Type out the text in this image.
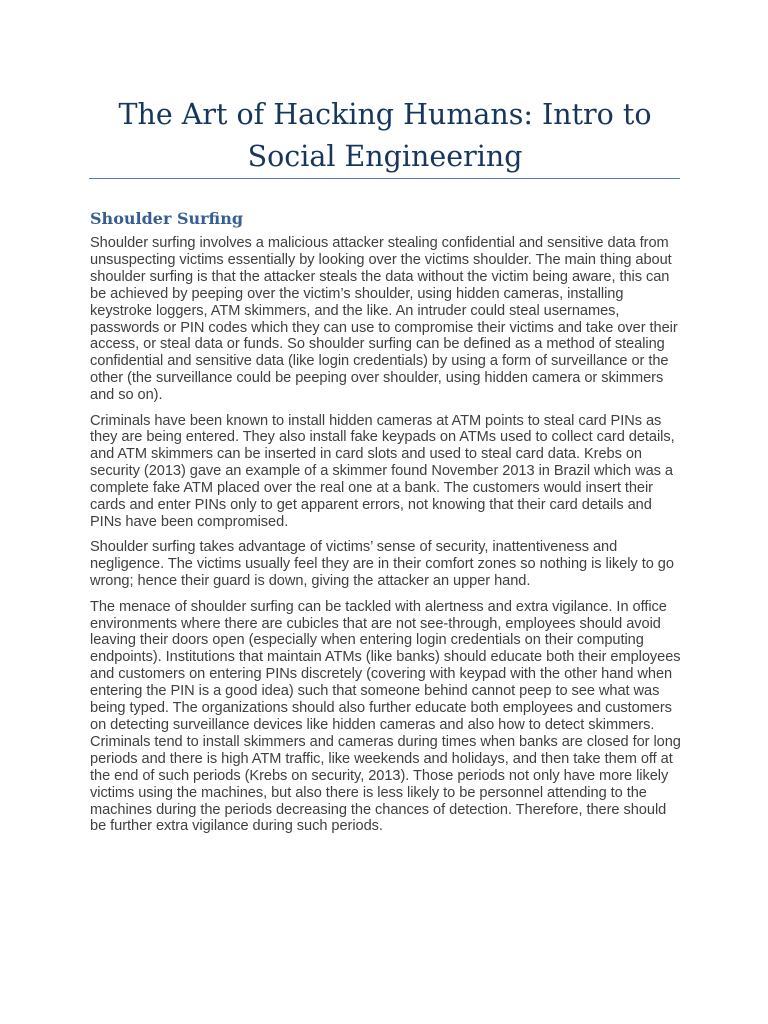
The Art of Hacking Humans: Intro to Social Engineering
Shoulder Surfing

Shoulder surfing involves a malicious attacker stealing confidential and sensitive data from unsuspecting victims essentially by looking over the victims shoulder. The main thing about shoulder surfing is that the attacker steals the data without the victim being aware, this can be achieved by peeping over the victim’s shoulder, using hidden cameras, installing keystroke loggers, ATM skimmers, and the like. An intruder could steal usernames, passwords or PIN codes which they can use to compromise their victims and take over their access, or steal data or funds. So shoulder surfing can be defined as a method of stealing confidential and sensitive data (like login credentials) by using a form of surveillance or the other (the surveillance could be peeping over shoulder, using hidden camera or skimmers and so on).

Criminals have been known to install hidden cameras at ATM points to steal card PINs as they are being entered. They also install fake keypads on ATMs used to collect card details, and ATM skimmers can be inserted in card slots and used to steal card data. Krebs on security (2013) gave an example of a skimmer found November 2013 in Brazil which was a complete fake ATM placed over the real one at a bank. The customers would insert their cards and enter PINs only to get apparent errors, not knowing that their card details and PINs have been compromised.

Shoulder surfing takes advantage of victims’ sense of security, inattentiveness and negligence. The victims usually feel they are in their comfort zones so nothing is likely to go wrong; hence their guard is down, giving the attacker an upper hand.

The menace of shoulder surfing can be tackled with alertness and extra vigilance. In office environments where there are cubicles that are not see-through, employees should avoid leaving their doors open (especially when entering login credentials on their computing endpoints). Institutions that maintain ATMs (like banks) should educate both their employees and customers on entering PINs discretely (covering with keypad with the other hand when entering the PIN is a good idea) such that someone behind cannot peep to see what was being typed. The organizations should also further educate both employees and customers on detecting surveillance devices like hidden cameras and also how to detect skimmers. Criminals tend to install skimmers and cameras during times when banks are closed for long periods and there is high ATM traffic, like weekends and holidays, and then take them off at the end of such periods (Krebs on security, 2013). Those periods not only have more likely victims using the machines, but also there is less likely to be personnel attending to the machines during the periods decreasing the chances of detection. Therefore, there should be further extra vigilance during such periods.
